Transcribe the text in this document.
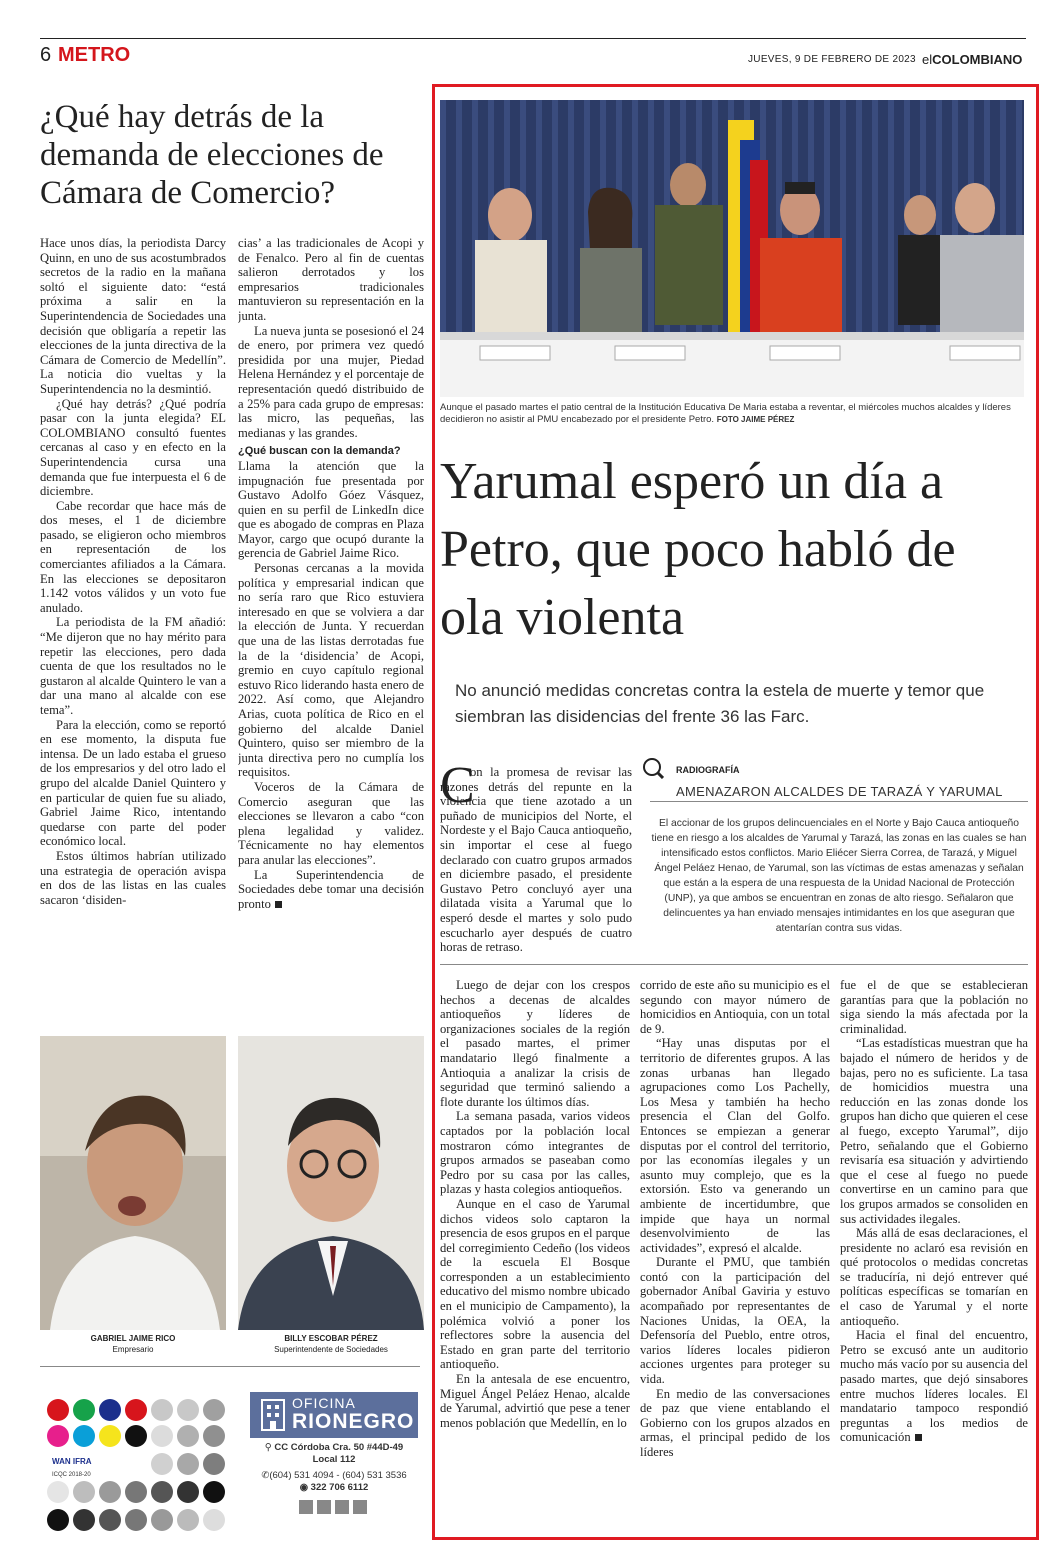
6 METRO	JUEVES, 9 DE FEBRERO DE 2023 elCOLOMBIANO
¿Qué hay detrás de la demanda de elecciones de Cámara de Comercio?

Hace unos días, la periodista Darcy Quinn, en uno de sus acostumbrados secretos de la radio en la mañana soltó el siguiente dato: “está próxima a salir en la Superintendencia de Sociedades una decisión que obligaría a repetir las elecciones de la junta directiva de la Cámara de Comercio de Medellín”. La noticia dio vueltas y la Superintendencia no la desmintió.

¿Qué hay detrás? ¿Qué podría pasar con la junta elegida? EL COLOMBIANO consultó fuentes cercanas al caso y en efecto en la Superintendencia cursa una demanda que fue interpuesta el 6 de diciembre.

Cabe recordar que hace más de dos meses, el 1 de diciembre pasado, se eligieron ocho miembros en representación de los comerciantes afiliados a la Cámara. En las elecciones se depositaron 1.142 votos válidos y un voto fue anulado.

La periodista de la FM añadió: “Me dijeron que no hay mérito para repetir las elecciones, pero dada cuenta de que los resultados no le gustaron al alcalde Quintero le van a dar una mano al alcalde con ese tema”.

Para la elección, como se reportó en ese momento, la disputa fue intensa. De un lado estaba el grueso de los empresarios y del otro lado el grupo del alcalde Daniel Quintero y en particular de quien fue su aliado, Gabriel Jaime Rico, intentando quedarse con parte del poder económico local.

Estos últimos habrían utilizado una estrategia de operación avispa en dos de las listas en las cuales sacaron ‘disiden-

cias’ a las tradicionales de Acopi y de Fenalco. Pero al fin de cuentas salieron derrotados y los empresarios tradicionales mantuvieron su representación en la junta.

La nueva junta se posesionó el 24 de enero, por primera vez quedó presidida por una mujer, Piedad Helena Hernández y el porcentaje de representación quedó distribuido de a 25% para cada grupo de empresas: las micro, las pequeñas, las medianas y las grandes.

¿Qué buscan con la demanda?

Llama la atención que la impugnación fue presentada por Gustavo Adolfo Góez Vásquez, quien en su perfil de LinkedIn dice que es abogado de compras en Plaza Mayor, cargo que ocupó durante la gerencia de Gabriel Jaime Rico.

Personas cercanas a la movida política y empresarial indican que no sería raro que Rico estuviera interesado en que se volviera a dar la elección de Junta. Y recuerdan que una de las listas derrotadas fue la de la ‘disidencia’ de Acopi, gremio en cuyo capítulo regional estuvo Rico liderando hasta enero de 2022. Así como, que Alejandro Arias, cuota política de Rico en el gobierno del alcalde Daniel Quintero, quiso ser miembro de la junta directiva pero no cumplía los requisitos.

Voceros de la Cámara de Comercio aseguran que las elecciones se llevaron a cabo “con plena legalidad y validez. Técnicamente no hay elementos para anular las elecciones”.

La Superintendencia de Sociedades debe tomar una decisión pronto

GABRIEL JAIME RICO
Empresario
BILLY ESCOBAR PÉREZ
Superintendente de Sociedades
WAN IFRA
ICQC 2018-20
OFICINA
RIONEGRO
⚲ CC Córdoba Cra. 50 #44D-49
Local 112
✆(604) 531 4094 - (604) 531 3536
◉ 322 706 6112
Aunque el pasado martes el patio central de la Institución Educativa De Maria estaba a reventar, el miércoles muchos alcaldes y líderes decidieron no asistir al PMU encabezado por el presidente Petro. FOTO JAIME PÉREZ
Yarumal esperó un día a Petro, que poco habló de ola violenta
No anunció medidas concretas contra la estela de muerte y temor que siembran las disidencias del frente 36 las Farc.
C

on la promesa de revisar las razones detrás del repunte en la violencia que tiene azotado a un puñado de municipios del Norte, el Nordeste y el Bajo Cauca antioqueño, sin importar el cese al fuego declarado con cuatro grupos armados en diciembre pasado, el presidente Gustavo Petro concluyó ayer una dilatada visita a Yarumal que lo esperó desde el martes y solo pudo escucharlo ayer después de cuatro horas de retraso.

RADIOGRAFÍA
AMENAZARON ALCALDES DE TARAZÁ Y YARUMAL
El accionar de los grupos delincuenciales en el Norte y Bajo Cauca antioqueño tiene en riesgo a los alcaldes de Yarumal y Tarazá, las zonas en las cuales se han intensificado estos conflictos. Mario Eliécer Sierra Correa, de Tarazá, y Miguel Ángel Peláez Henao, de Yarumal, son las víctimas de estas amenazas y señalan que están a la espera de una respuesta de la Unidad Nacional de Protección (UNP), ya que ambos se encuentran en zonas de alto riesgo. Señalaron que delincuentes ya han enviado mensajes intimidantes en los que aseguran que atentarían contra sus vidas.

Luego de dejar con los crespos hechos a decenas de alcaldes antioqueños y líderes de organizaciones sociales de la región el pasado martes, el primer mandatario llegó finalmente a Antioquia a analizar la crisis de seguridad que terminó saliendo a flote durante los últimos días.

La semana pasada, varios videos captados por la población local mostraron cómo integrantes de grupos armados se paseaban como Pedro por su casa por las calles, plazas y hasta colegios antioqueños.

Aunque en el caso de Yarumal dichos videos solo captaron la presencia de esos grupos en el parque del corregimiento Cedeño (los videos de la escuela El Bosque corresponden a un establecimiento educativo del mismo nombre ubicado en el municipio de Campamento), la polémica volvió a poner los reflectores sobre la ausencia del Estado en gran parte del territorio antioqueño.

En la antesala de ese encuentro, Miguel Ángel Peláez Henao, alcalde de Yarumal, advirtió que pese a tener menos población que Medellín, en lo

corrido de este año su municipio es el segundo con mayor número de homicidios en Antioquia, con un total de 9.

“Hay unas disputas por el territorio de diferentes grupos. A las zonas urbanas han llegado agrupaciones como Los Pachelly, Los Mesa y también ha hecho presencia el Clan del Golfo. Entonces se empiezan a generar disputas por el control del territorio, por las economías ilegales y un asunto muy complejo, que es la extorsión. Esto va generando un ambiente de incertidumbre, que impide que haya un normal desenvolvimiento de las actividades”, expresó el alcalde.

Durante el PMU, que también contó con la participación del gobernador Aníbal Gaviria y estuvo acompañado por representantes de Naciones Unidas, la OEA, la Defensoría del Pueblo, entre otros, varios líderes locales pidieron acciones urgentes para proteger su vida.

En medio de las conversaciones de paz que viene entablando el Gobierno con los grupos alzados en armas, el principal pedido de los líderes

fue el de que se establecieran garantías para que la población no siga siendo la más afectada por la criminalidad.

“Las estadísticas muestran que ha bajado el número de heridos y de bajas, pero no es suficiente. La tasa de homicidios muestra una reducción en las zonas donde los grupos han dicho que quieren el cese al fuego, excepto Yarumal”, dijo Petro, señalando que el Gobierno revisaría esa situación y advirtiendo que el cese al fuego no puede convertirse en un camino para que los grupos armados se consoliden en sus actividades ilegales.

Más allá de esas declaraciones, el presidente no aclaró esa revisión en qué protocolos o medidas concretas se traducíría, ni dejó entrever qué políticas específicas se tomarían en el caso de Yarumal y el norte antioqueño.

Hacia el final del encuentro, Petro se excusó ante un auditorio mucho más vacío por su ausencia del pasado martes, que dejó sinsabores entre muchos líderes locales. El mandatario tampoco respondió preguntas a los medios de comunicación
